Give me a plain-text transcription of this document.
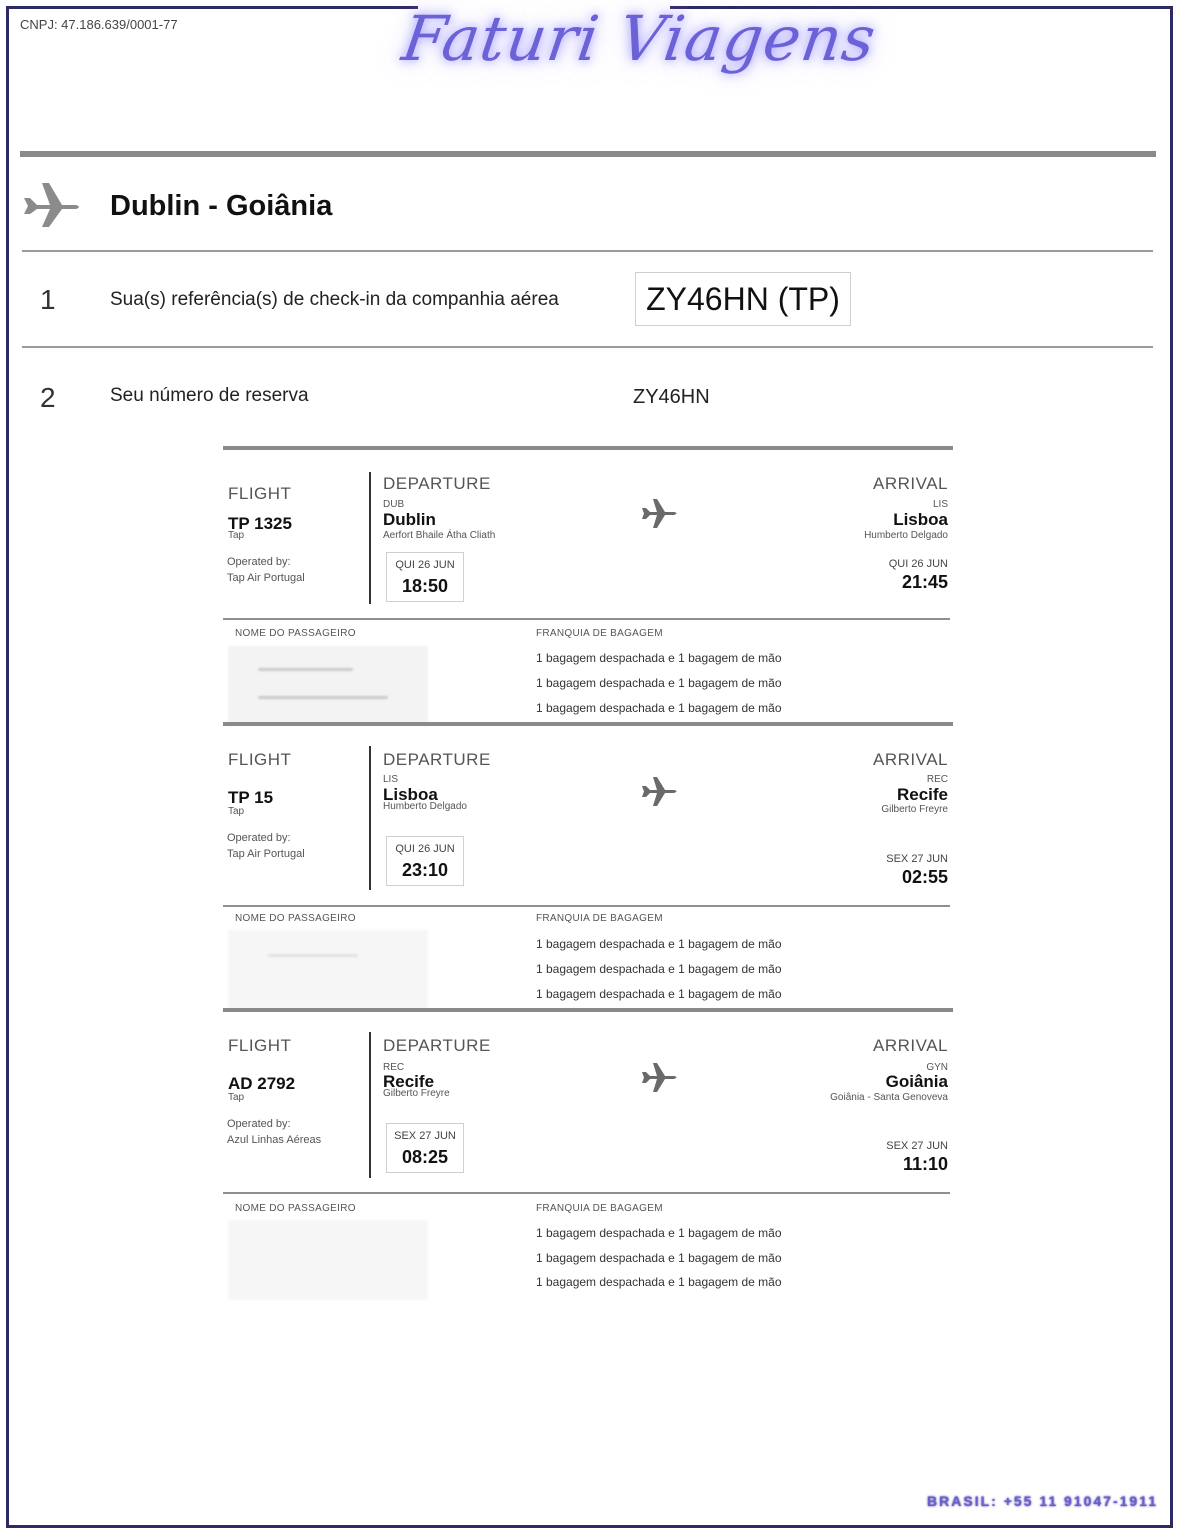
CNPJ: 47.186.639/0001-77	Faturi Viagens
Dublin - Goiânia
1	Sua(s) referência(s) de check-in da companhia aérea	ZY46HN (TP)
2	Seu número de reserva	ZY46HN
FLIGHT
TP 1325
Tap
Operated by:
Tap Air Portugal
DEPARTURE
DUB
Dublin
Aerfort Bhaile Átha Cliath
QUI 26 JUN
18:50
ARRIVAL
LIS
Lisboa
Humberto Delgado
QUI 26 JUN
21:45
NOME DO PASSAGEIRO	FRANQUIA DE BAGAGEM
1 bagagem despachada e 1 bagagem de mão
1 bagagem despachada e 1 bagagem de mão
1 bagagem despachada e 1 bagagem de mão
FLIGHT
TP 15
Tap
Operated by:
Tap Air Portugal
DEPARTURE
LIS
Lisboa
Humberto Delgado
QUI 26 JUN
23:10
ARRIVAL
REC
Recife
Gilberto Freyre
SEX 27 JUN
02:55
NOME DO PASSAGEIRO	FRANQUIA DE BAGAGEM
1 bagagem despachada e 1 bagagem de mão
1 bagagem despachada e 1 bagagem de mão
1 bagagem despachada e 1 bagagem de mão
FLIGHT
AD 2792
Tap
Operated by:
Azul Linhas Aéreas
DEPARTURE
REC
Recife
Gilberto Freyre
SEX 27 JUN
08:25
ARRIVAL
GYN
Goiânia
Goiânia - Santa Genoveva
SEX 27 JUN
11:10
NOME DO PASSAGEIRO	FRANQUIA DE BAGAGEM
1 bagagem despachada e 1 bagagem de mão
1 bagagem despachada e 1 bagagem de mão
1 bagagem despachada e 1 bagagem de mão
BRASIL: +55 11 91047-1911
